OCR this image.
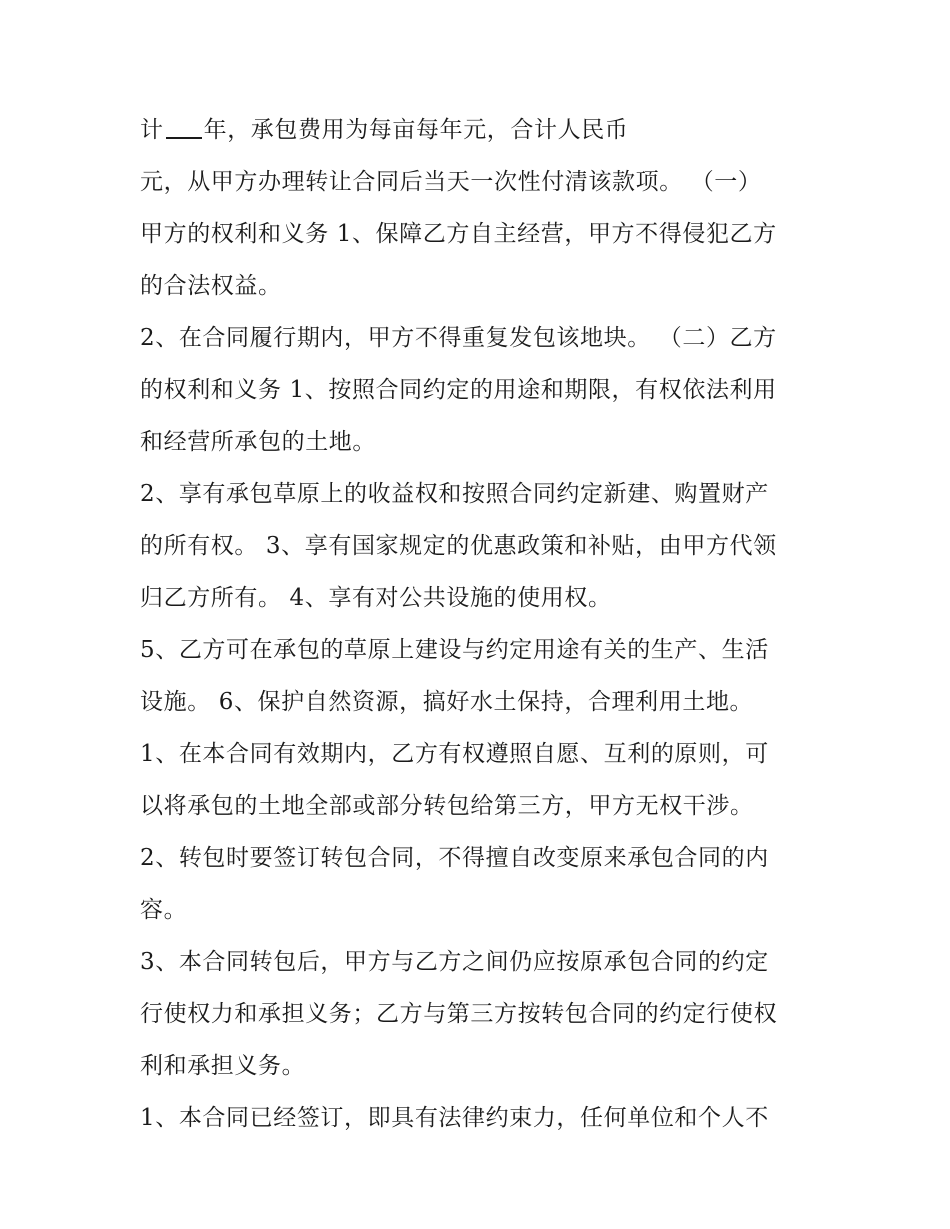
计 年，承包费用为每亩每年元，合计人民币
元，从甲方办理转让合同后当天一次性付清该款项。 （一）
甲方的权利和义务 1、保障乙方自主经营，甲方不得侵犯乙方
的合法权益。
2、在合同履行期内，甲方不得重复发包该地块。 （二）乙方
的权利和义务 1、按照合同约定的用途和期限，有权依法利用
和经营所承包的土地。
2、享有承包草原上的收益权和按照合同约定新建、购置财产
的所有权。 3、享有国家规定的优惠政策和补贴，由甲方代领
归乙方所有。 4、享有对公共设施的使用权。
5、乙方可在承包的草原上建设与约定用途有关的生产、生活
设施。 6、保护自然资源，搞好水土保持，合理利用土地。
1、在本合同有效期内，乙方有权遵照自愿、互利的原则，可
以将承包的土地全部或部分转包给第三方，甲方无权干涉。
2、转包时要签订转包合同，不得擅自改变原来承包合同的内
容。
3、本合同转包后，甲方与乙方之间仍应按原承包合同的约定
行使权力和承担义务；乙方与第三方按转包合同的约定行使权
利和承担义务。
1、本合同已经签订，即具有法律约束力，任何单位和个人不
